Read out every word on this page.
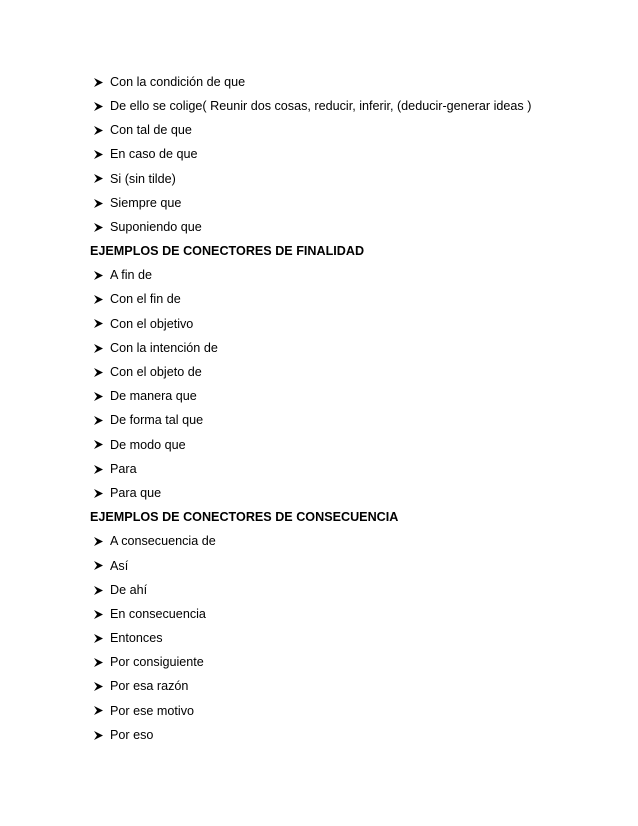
Con la condición de que
De ello se colige( Reunir dos cosas, reducir, inferir, (deducir-generar ideas )
Con tal de que
En caso de que
Si (sin tilde)
Siempre que
Suponiendo que
EJEMPLOS DE CONECTORES DE FINALIDAD
A fin de
Con el fin de
Con el objetivo
Con la intención de
Con el objeto de
De manera que
De forma tal que
De modo que
Para
Para que
EJEMPLOS DE CONECTORES DE CONSECUENCIA
A consecuencia de
Así
De ahí
En consecuencia
Entonces
Por consiguiente
Por esa razón
Por ese motivo
Por eso
